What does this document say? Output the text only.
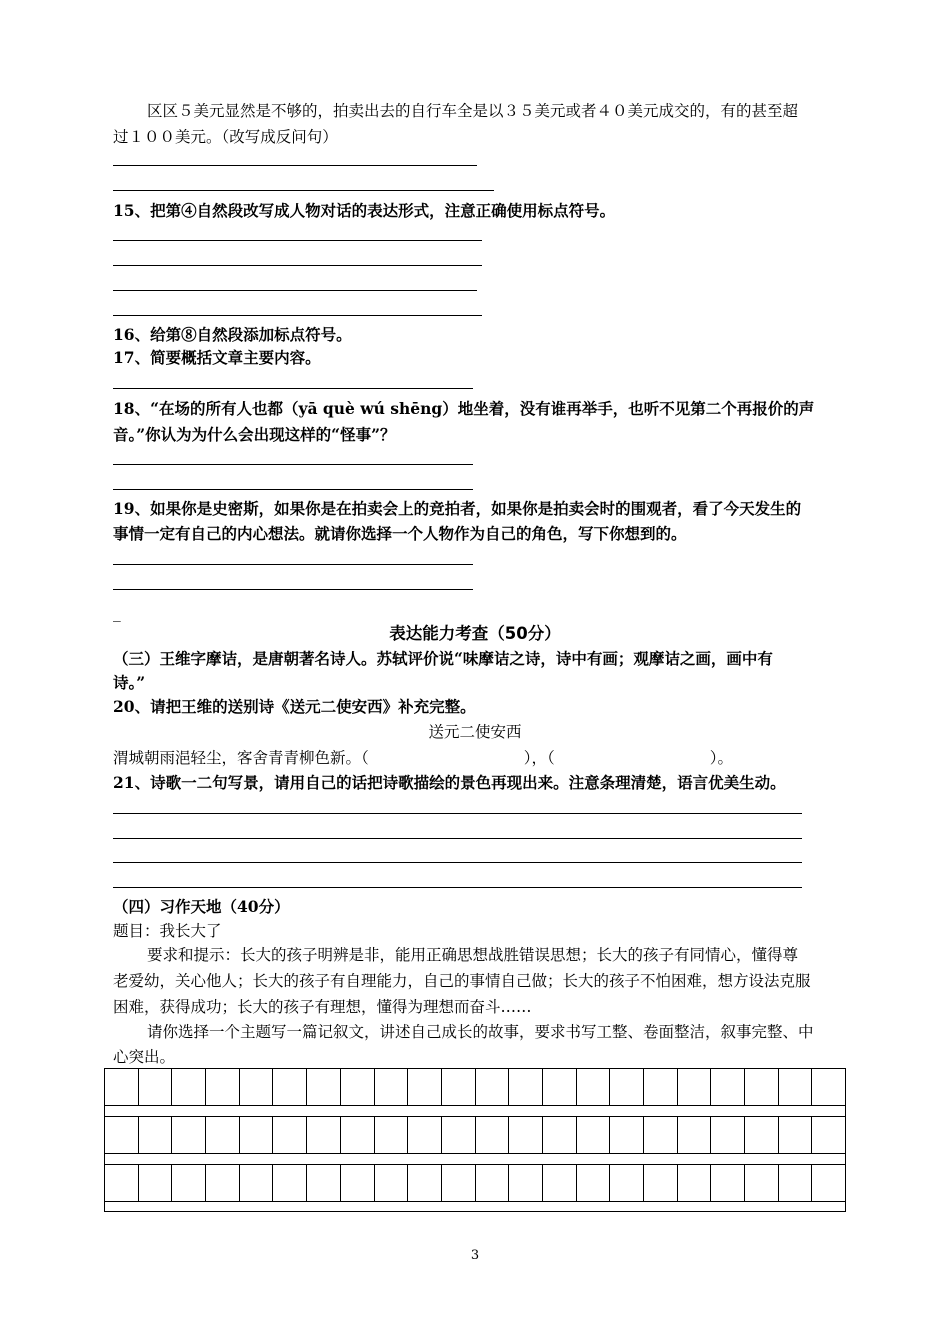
区区５美元显然是不够的，拍卖出去的自行车全是以３５美元或者４０美元成交的，有的甚至超
过１００美元。（改写成反问句）
15、把第④自然段改写成人物对话的表达形式，注意正确使用标点符号。
16、给第⑧自然段添加标点符号。
17、简要概括文章主要内容。
18、“在场的所有人也都（yā què wú shēng）地坐着，没有谁再举手，也听不见第二个再报价的声
音。”你认为为什么会出现这样的“怪事”？
19、如果你是史密斯，如果你是在拍卖会上的竞拍者，如果你是拍卖会时的围观者，看了今天发生的
事情一定有自己的内心想法。就请你选择一个人物作为自己的角色，写下你想到的。
_
表达能力考查（50分）
（三）王维字摩诘，是唐朝著名诗人。苏轼评价说“味摩诘之诗，诗中有画；观摩诘之画，画中有
诗。”
20、请把王维的送别诗《送元二使安西》补充完整。
送元二使安西
渭城朝雨浥轻尘，客舍青青柳色新。（　　　　　　　　　　），（　　　　　　　　　　）。
21、诗歌一二句写景，请用自己的话把诗歌描绘的景色再现出来。注意条理清楚，语言优美生动。
（四）习作天地（40分）
题目：我长大了
要求和提示：长大的孩子明辨是非，能用正确思想战胜错误思想；长大的孩子有同情心，懂得尊
老爱幼，关心他人；长大的孩子有自理能力，自己的事情自己做；长大的孩子不怕困难，想方设法克服
困难，获得成功；长大的孩子有理想，懂得为理想而奋斗……
请你选择一个主题写一篇记叙文，讲述自己成长的故事，要求书写工整、卷面整洁，叙事完整、中
心突出。
3
